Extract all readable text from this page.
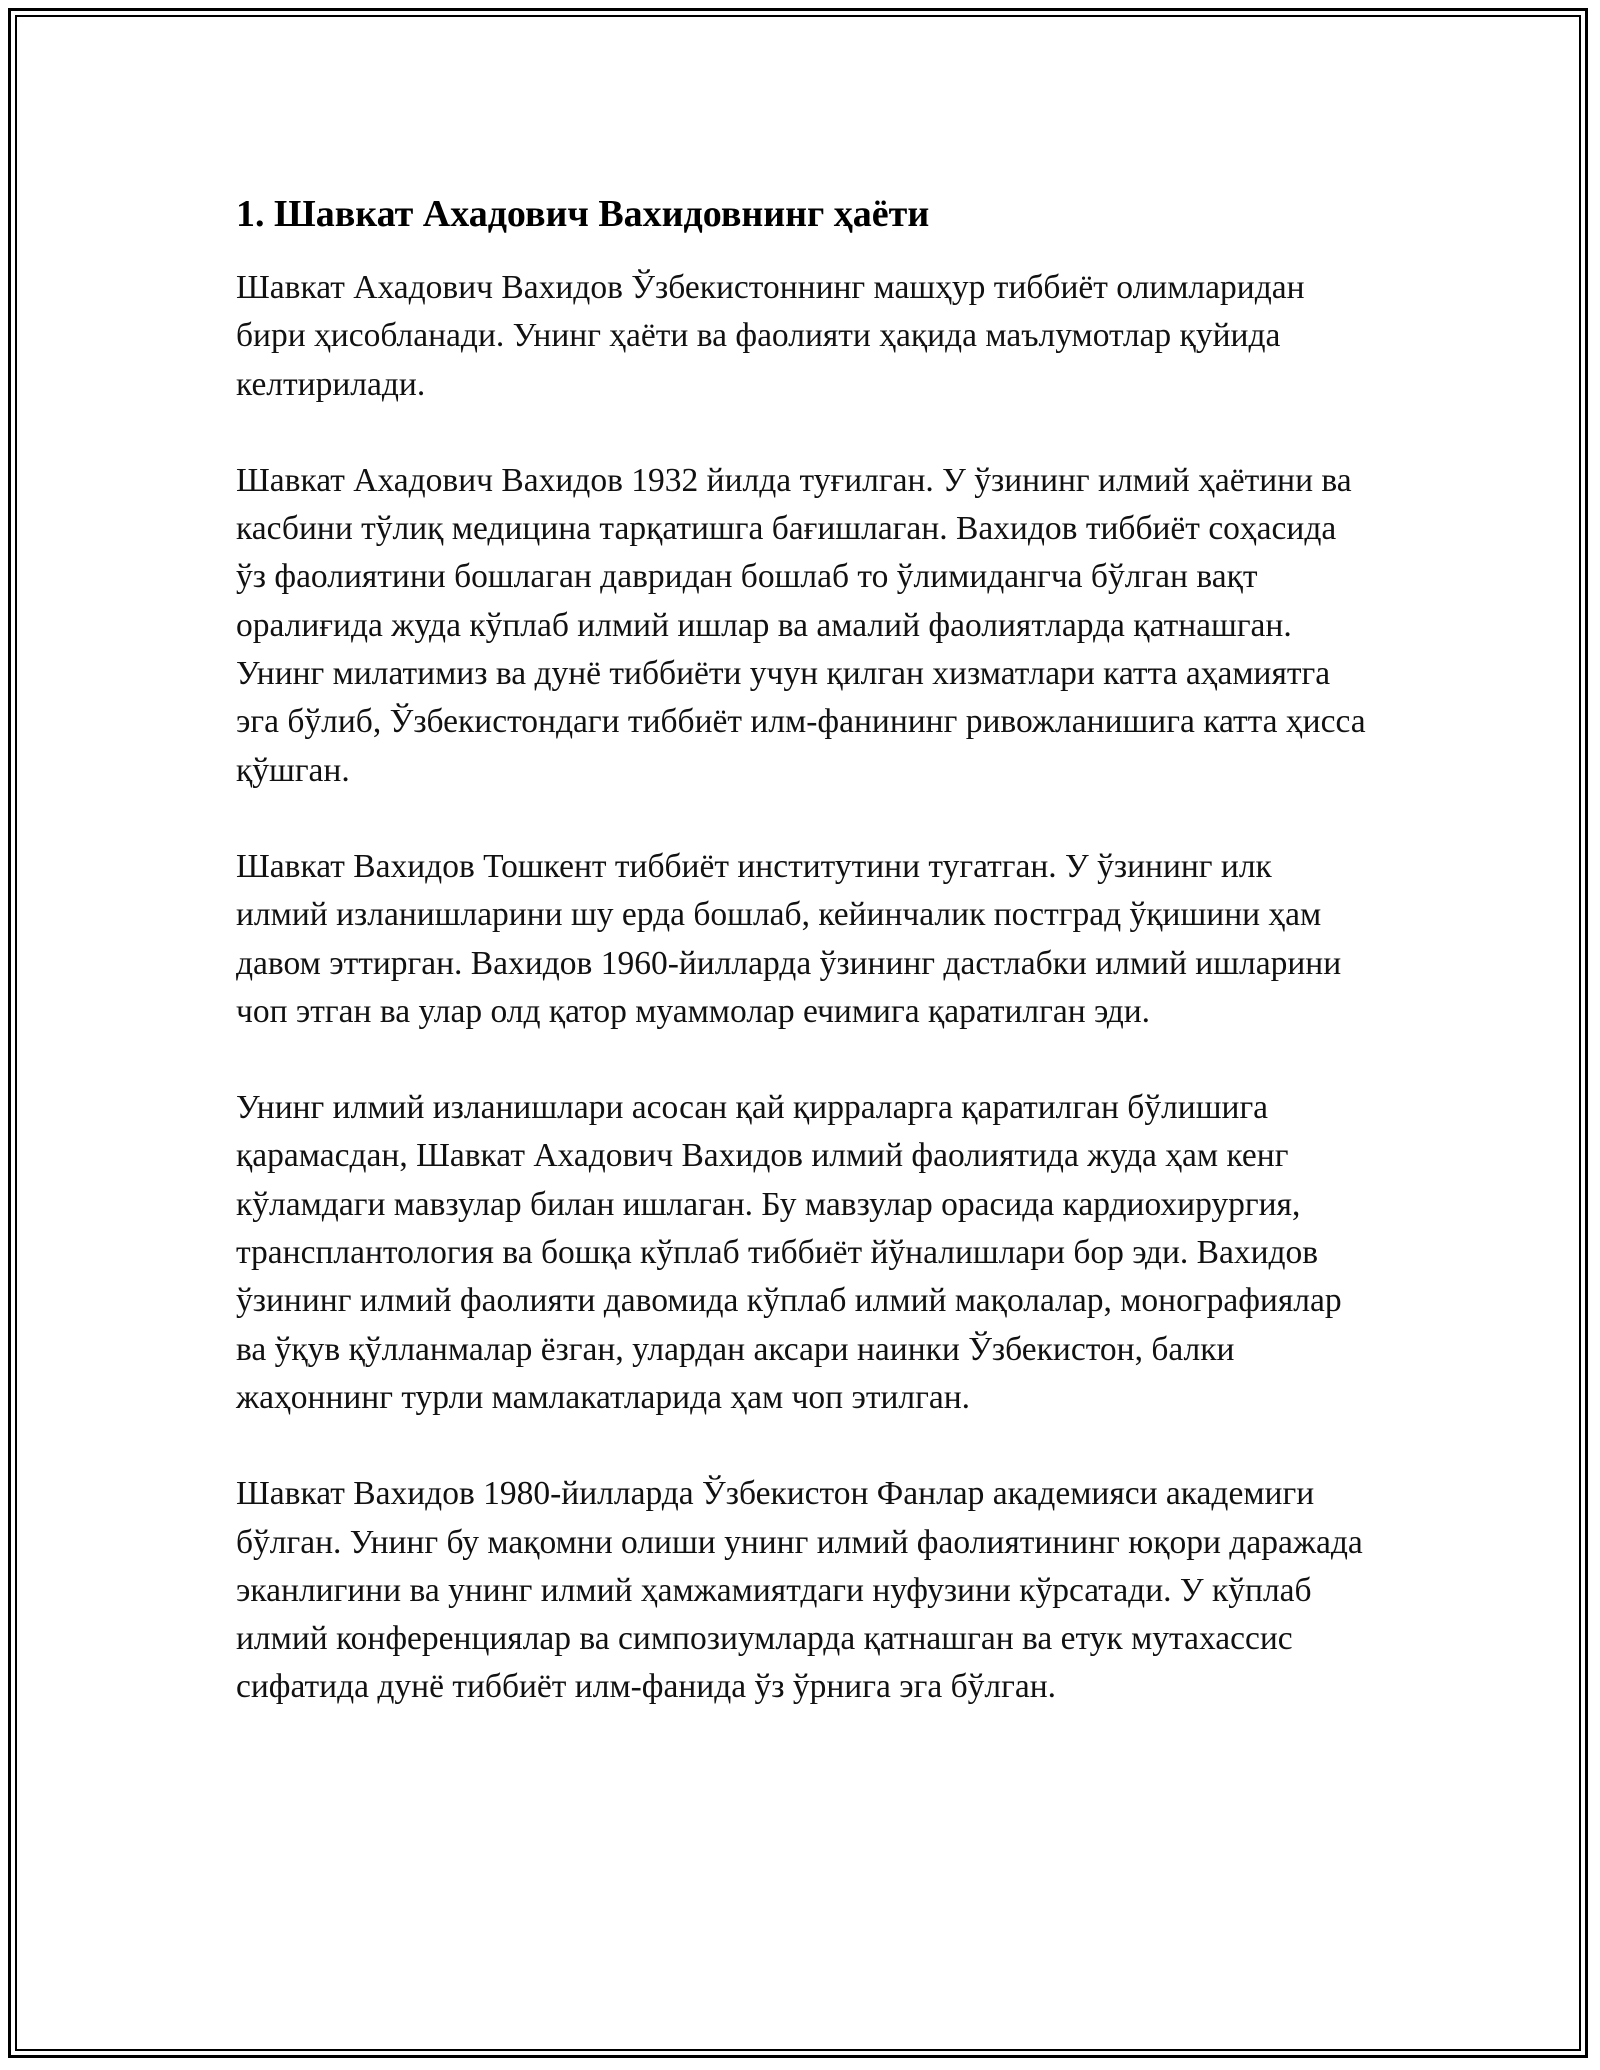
1. Шавкат Ахадович Вахидовнинг ҳаёти

Шавкат Ахадович Вахидов Ўзбекистоннинг машҳур тиббиёт олимларидан бири ҳисобланади. Унинг ҳаёти ва фаолияти ҳақида маълумотлар қуйида келтирилади.

Шавкат Ахадович Вахидов 1932 йилда туғилган. У ўзининг илмий ҳаётини ва касбини тўлиқ медицина тарқатишга бағишлаган. Вахидов тиббиёт соҳасида ўз фаолиятини бошлаган давридан бошлаб то ўлимидангча бўлган вақт оралиғида жуда кўплаб илмий ишлар ва амалий фаолиятларда қатнашган. Унинг милатимиз ва дунё тиббиёти учун қилган хизматлари катта аҳамиятга эга бўлиб, Ўзбекистондаги тиббиёт илм-фанининг ривожланишига катта ҳисса қўшган.

Шавкат Вахидов Тошкент тиббиёт институтини тугатган. У ўзининг илк илмий изланишларини шу ерда бошлаб, кейинчалик постград ўқишини ҳам давом эттирган. Вахидов 1960-йилларда ўзининг дастлабки илмий ишларини чоп этган ва улар олд қатор муаммолар ечимига қаратилган эди.

Унинг илмий изланишлари асосан қай қирраларга қаратилган бўлишига қарамасдан, Шавкат Ахадович Вахидов илмий фаолиятида жуда ҳам кенг кўламдаги мавзулар билан ишлаган. Бу мавзулар орасида кардиохирургия, трансплантология ва бошқа кўплаб тиббиёт йўналишлари бор эди. Вахидов ўзининг илмий фаолияти давомида кўплаб илмий мақолалар, монографиялар ва ўқув қўлланмалар ёзган, улардан аксари наинки Ўзбекистон, балки жаҳоннинг турли мамлакатларида ҳам чоп этилган.

Шавкат Вахидов 1980-йилларда Ўзбекистон Фанлар академияси академиги бўлган. Унинг бу мақомни олиши унинг илмий фаолиятининг юқори даражада эканлигини ва унинг илмий ҳамжамиятдаги нуфузини кўрсатади. У кўплаб илмий конференциялар ва симпозиумларда қатнашган ва етук мутахассис сифатида дунё тиббиёт илм-фанида ўз ўрнига эга бўлган.
